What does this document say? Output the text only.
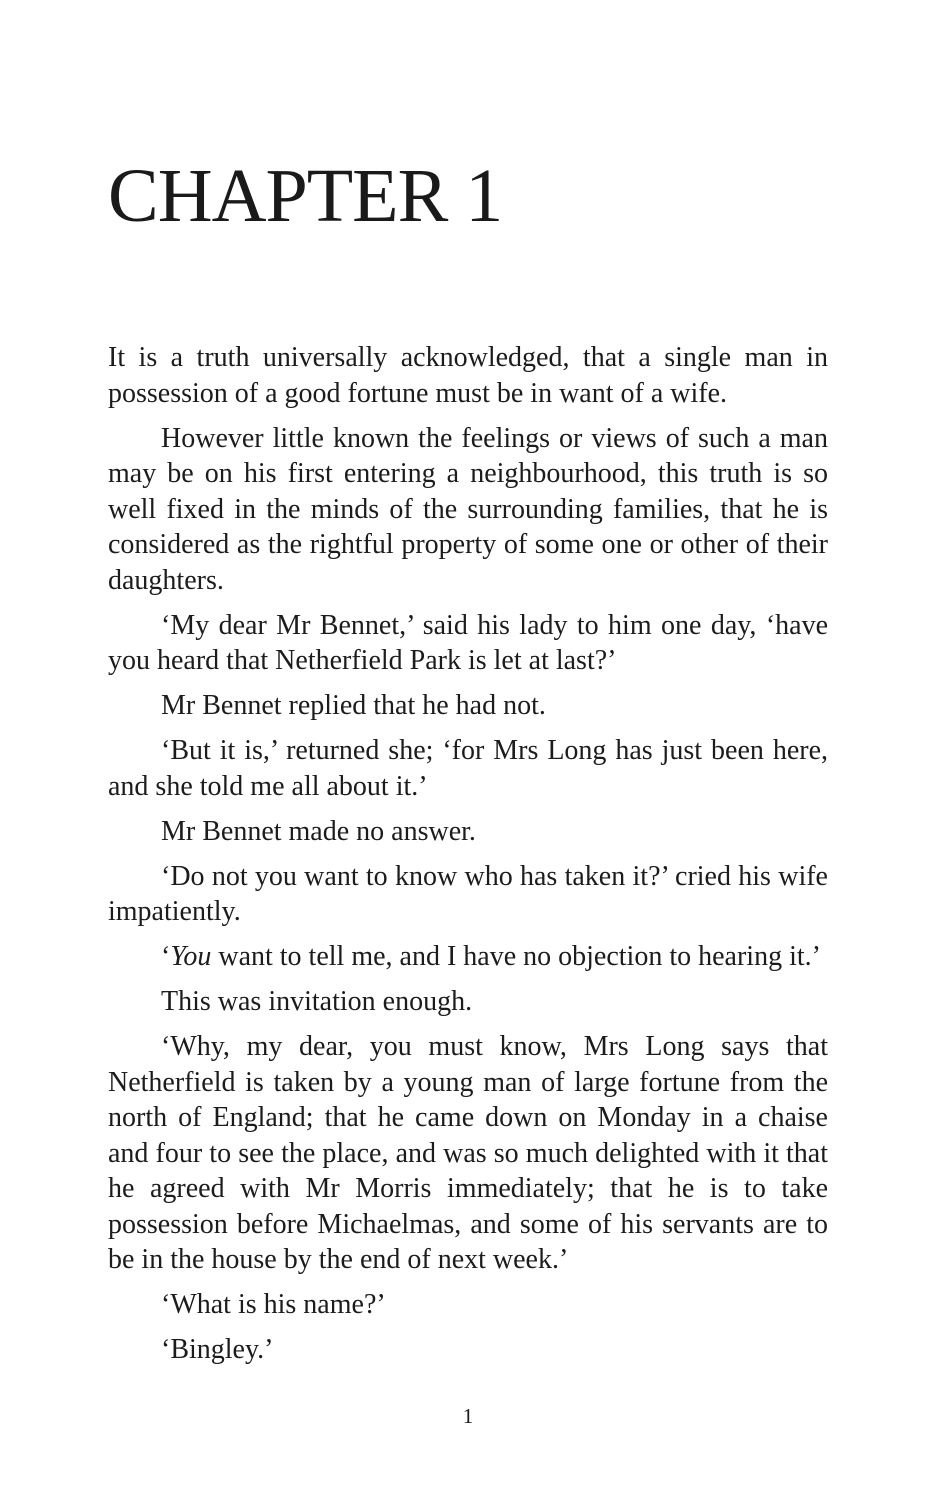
CHAPTER 1

It is a truth universally acknowledged, that a single man in possession of a good fortune must be in want of a wife.

However little known the feelings or views of such a man may be on his first entering a neighbourhood, this truth is so well fixed in the minds of the surrounding families, that he is considered as the rightful property of some one or other of their daughters.

‘My dear Mr Bennet,’ said his lady to him one day, ‘have you heard that Netherfield Park is let at last?’

Mr Bennet replied that he had not.

‘But it is,’ returned she; ‘for Mrs Long has just been here, and she told me all about it.’

Mr Bennet made no answer.

‘Do not you want to know who has taken it?’ cried his wife impatiently.

‘You want to tell me, and I have no objection to hearing it.’

This was invitation enough.

‘Why, my dear, you must know, Mrs Long says that Netherfield is taken by a young man of large fortune from the north of England; that he came down on Monday in a chaise and four to see the place, and was so much delighted with it that he agreed with Mr Morris immediately; that he is to take possession before Michaelmas, and some of his servants are to be in the house by the end of next week.’

‘What is his name?’

‘Bingley.’

1
